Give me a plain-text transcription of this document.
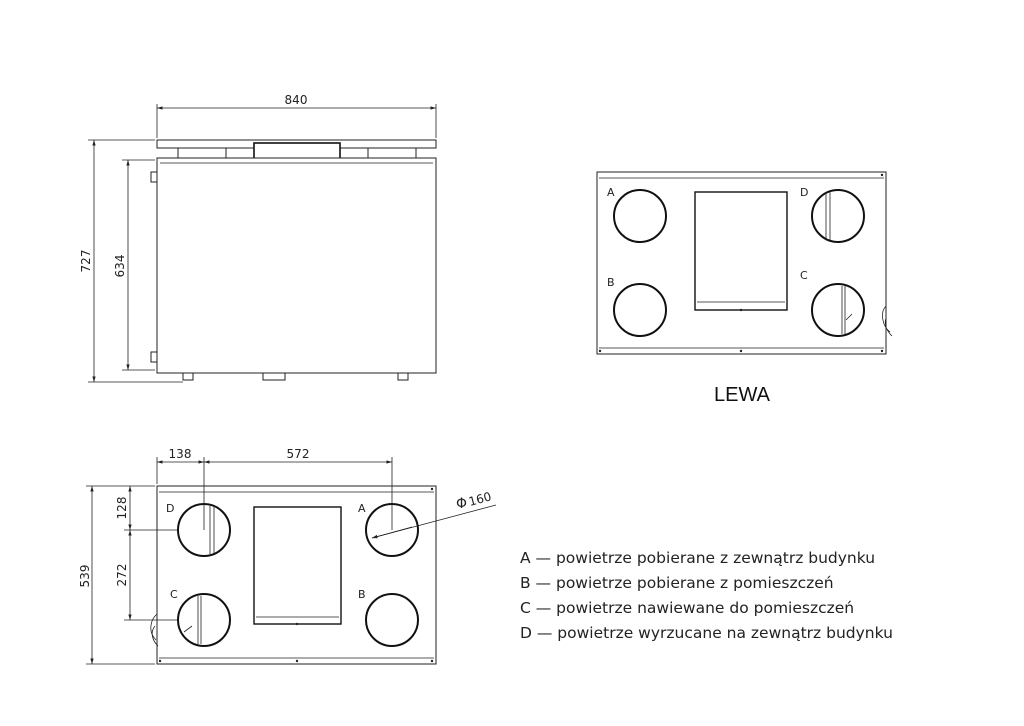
840
727 634
A
B
D
C
LEWA
D
C
A
B
138	572
539
128
272
Φ 160
A — powietrze pobierane z zewnątrz budynku
B — powietrze pobierane z pomieszczeń
C — powietrze nawiewane do pomieszczeń
D — powietrze wyrzucane na zewnątrz budynku
